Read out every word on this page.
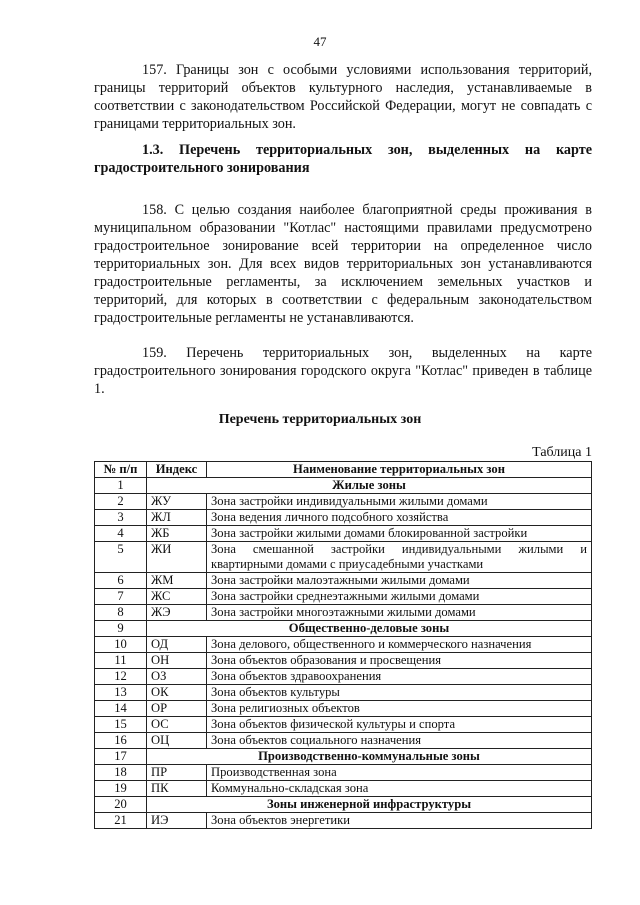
47

157. Границы зон с особыми условиями использования территорий, границы территорий объектов культурного наследия, устанавливаемые в соответствии с законодательством Российской Федерации, могут не совпадать с границами территориальных зон.

1.3. Перечень территориальных зон, выделенных на карте градостроительного зонирования

158. С целью создания наиболее благоприятной среды проживания в муниципальном образовании "Котлас" настоящими правилами предусмотрено градостроительное зонирование всей территории на определенное число территориальных зон. Для всех видов территориальных зон устанавливаются градостроительные регламенты, за исключением земельных участков и территорий, для которых в соответствии с федеральным законодательством градостроительные регламенты не устанавливаются.

159. Перечень территориальных зон, выделенных на карте градостроительного зонирования городского округа "Котлас" приведен в таблице 1.

Перечень территориальных зон
Таблица 1
№ п/п	Индекс	Наименование территориальных зон
1	Жилые зоны	
2	ЖУ	Зона застройки индивидуальными жилыми домами
3	ЖЛ	Зона ведения личного подсобного хозяйства
4	ЖБ	Зона застройки жилыми домами блокированной застройки
5	ЖИ	Зона смешанной застройки индивидуальными жилыми и квартирными домами с приусадебными участками
6	ЖМ	Зона застройки малоэтажными жилыми домами
7	ЖС	Зона застройки среднеэтажными жилыми домами
8	ЖЭ	Зона застройки многоэтажными жилыми домами
9	Общественно-деловые зоны	
10	ОД	Зона делового, общественного и коммерческого назначения
11	ОН	Зона объектов образования и просвещения
12	ОЗ	Зона объектов здравоохранения
13	ОК	Зона объектов культуры
14	ОР	Зона религиозных объектов
15	ОС	Зона объектов физической культуры и спорта
16	ОЦ	Зона объектов социального назначения
17	Производственно-коммунальные зоны	
18	ПР	Производственная зона
19	ПК	Коммунально-складская зона
20	Зоны инженерной инфраструктуры	
21	ИЭ	Зона объектов энергетики
